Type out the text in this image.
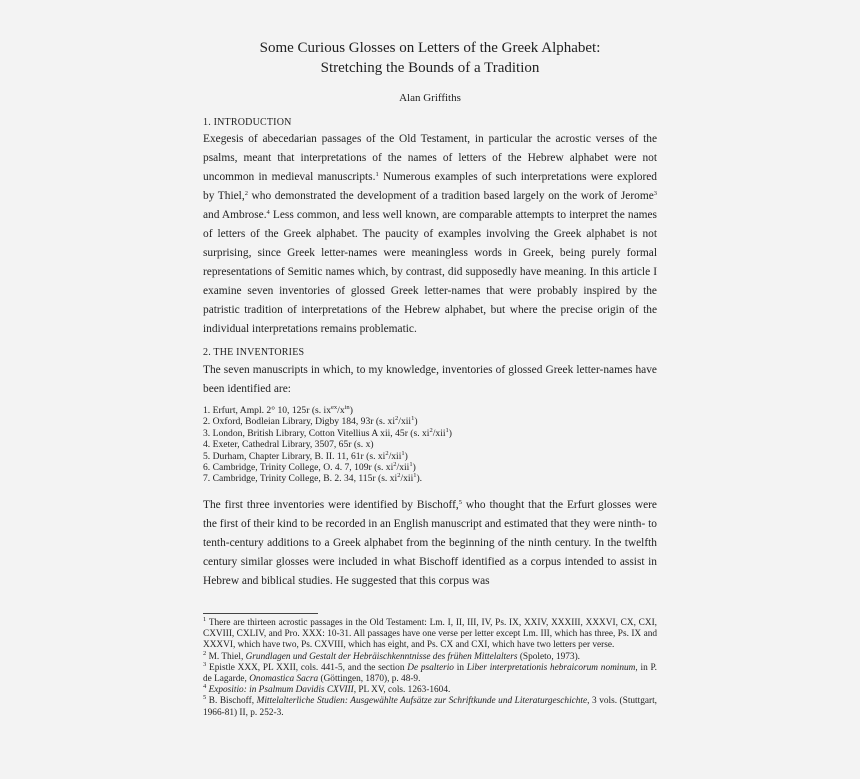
Some Curious Glosses on Letters of the Greek Alphabet:
Stretching the Bounds of a Tradition
Alan Griffiths
1. INTRODUCTION
Exegesis of abecedarian passages of the Old Testament, in particular the acrostic verses of the psalms, meant that interpretations of the names of letters of the Hebrew alphabet were not uncommon in medieval manuscripts.$^1$ Numerous examples of such interpretations were explored by Thiel,$^2$ who demonstrated the development of a tradition based largely on the work of Jerome$^3$ and Ambrose.$^4$ Less common, and less well known, are comparable attempts to interpret the names of letters of the Greek alphabet. The paucity of examples involving the Greek alphabet is not surprising, since Greek letter-names were meaningless words in Greek, being purely formal representations of Semitic names which, by contrast, did supposedly have meaning. In this article I examine seven inventories of glossed Greek letter-names that were probably inspired by the patristic tradition of interpretations of the Hebrew alphabet, but where the precise origin of the individual interpretations remains problematic.
2. THE INVENTORIES
The seven manuscripts in which, to my knowledge, inventories of glossed Greek letter-names have been identified are:
1. Erfurt, Ampl. 2° 10, 125r (s. $ix^{ex}/x^{in}$)
2. Oxford, Bodleian Library, Digby 184, 93r (s. $xi^2/xii^1$)
3. London, British Library, Cotton Vitellius A xii, 45r (s. $xi^2/xii^1$)
4. Exeter, Cathedral Library, 3507, 65r (s. x)
5. Durham, Chapter Library, B. II. 11, 61r (s. $xi^2/xii^1$)
6. Cambridge, Trinity College, O. 4. 7, 109r (s. $xi^2/xii^1$)
7. Cambridge, Trinity College, B. 2. 34, 115r (s. $xi^2/xii^1$).
The first three inventories were identified by Bischoff,$^5$ who thought that the Erfurt glosses were the first of their kind to be recorded in an English manuscript and estimated that they were ninth- to tenth-century additions to a Greek alphabet from the beginning of the ninth century. In the twelfth century similar glosses were included in what Bischoff identified as a corpus intended to assist in Hebrew and biblical studies. He suggested that this corpus was
$^1$ There are thirteen acrostic passages in the Old Testament: Lm. I, II, III, IV, Ps. IX, XXIV, XXXIII, XXXVI, CX, CXI, CXVIII, CXLIV, and Pro. XXX: 10-31. All passages have one verse per letter except Lm. III, which has three, Ps. IX and XXXVI, which have two, Ps. CXVIII, which has eight, and Ps. CX and CXI, which have two letters per verse.
$^2$ M. Thiel, Grundlagen und Gestalt der Hebräischkenntnisse des frühen Mittelalters (Spoleto, 1973).
$^3$ Epistle XXX, PL XXII, cols. 441-5, and the section De psalterio in Liber interpretationis hebraicorum nominum, in P. de Lagarde, Onomastica Sacra (Göttingen, 1870), p. 48-9.
$^4$ Expositio: in Psalmum Davidis CXVIII, PL XV, cols. 1263-1604.
$^5$ B. Bischoff, Mittelalterliche Studien: Ausgewählte Aufsätze zur Schriftkunde und Literaturgeschichte, 3 vols. (Stuttgart, 1966-81) II, p. 252-3.
